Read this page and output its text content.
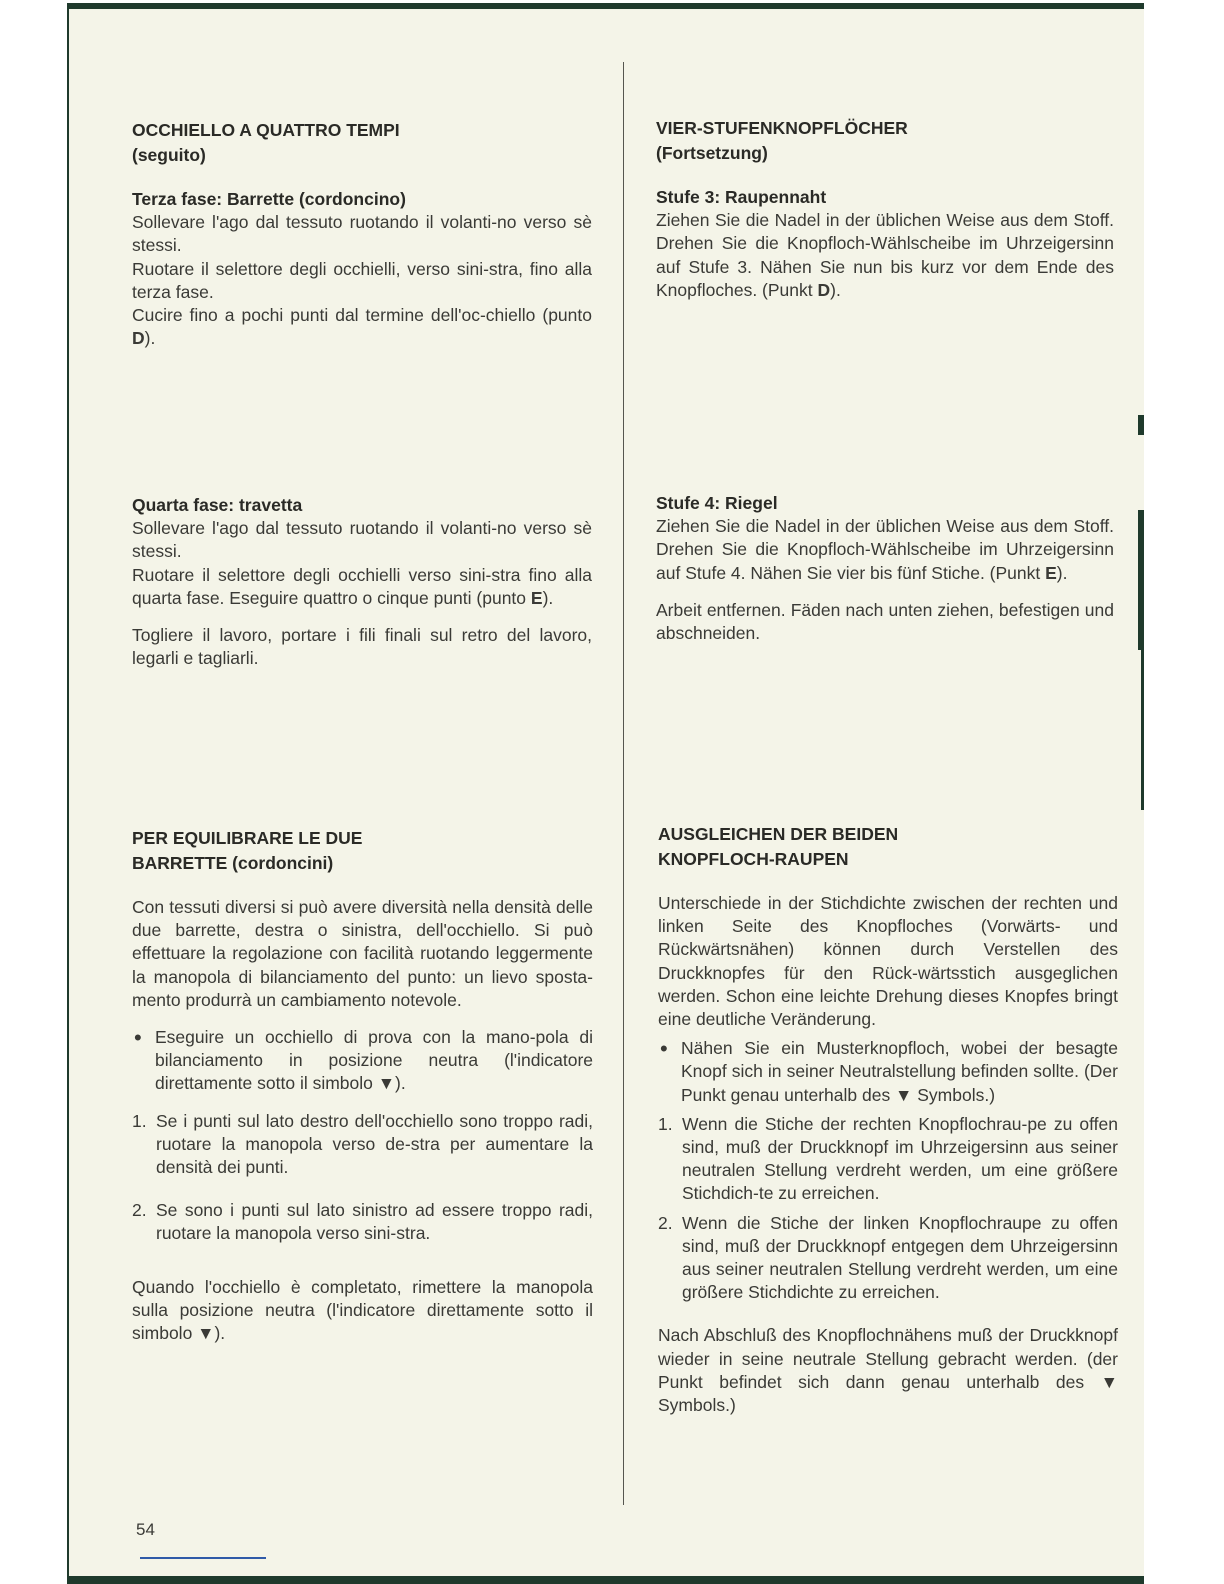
OCCHIELLO A QUATTRO TEMPI

(seguito)

Terza fase: Barrette (cordoncino)

Sollevare l'ago dal tessuto ruotando il volanti-no verso sè stessi.

Ruotare il selettore degli occhielli, verso sini-stra, fino alla terza fase.

Cucire fino a pochi punti dal termine dell'oc-chiello (punto D).

Quarta fase: travetta

Sollevare l'ago dal tessuto ruotando il volanti-no verso sè stessi.

Ruotare il selettore degli occhielli verso sini-stra fino alla quarta fase. Eseguire quattro o cinque punti (punto E).

Togliere il lavoro, portare i fili finali sul retro del lavoro, legarli e tagliarli.

PER EQUILIBRARE LE DUE

BARRETTE (cordoncini)

Con tessuti diversi si può avere diversità nella densità delle due barrette, destra o sinistra, dell'occhiello. Si può effettuare la regolazione con facilità ruotando leggermente la manopola di bilanciamento del punto: un lievo sposta-mento produrrà un cambiamento notevole.

• Eseguire un occhiello di prova con la mano-pola di bilanciamento in posizione neutra (l'indicatore direttamente sotto il simbolo ▼).
1. Se i punti sul lato destro dell'occhiello sono troppo radi, ruotare la manopola verso de-stra per aumentare la densità dei punti.
2. Se sono i punti sul lato sinistro ad essere troppo radi, ruotare la manopola verso sini-stra.

Quando l'occhiello è completato, rimettere la manopola sulla posizione neutra (l'indicatore direttamente sotto il simbolo ▼).

VIER-STUFENKNOPFLÖCHER

(Fortsetzung)

Stufe 3: Raupennaht

Ziehen Sie die Nadel in der üblichen Weise aus dem Stoff. Drehen Sie die Knopfloch-Wählscheibe im Uhrzeigersinn auf Stufe 3. Nähen Sie nun bis kurz vor dem Ende des Knopfloches. (Punkt D).

Stufe 4: Riegel

Ziehen Sie die Nadel in der üblichen Weise aus dem Stoff. Drehen Sie die Knopfloch-Wählscheibe im Uhrzeigersinn auf Stufe 4. Nähen Sie vier bis fünf Stiche. (Punkt E).

Arbeit entfernen. Fäden nach unten ziehen, befestigen und abschneiden.

AUSGLEICHEN DER BEIDEN

KNOPFLOCH-RAUPEN

Unterschiede in der Stichdichte zwischen der rechten und linken Seite des Knopfloches (Vorwärts- und Rückwärtsnähen) können durch Verstellen des Druckknopfes für den Rück-wärtsstich ausgeglichen werden. Schon eine leichte Drehung dieses Knopfes bringt eine deutliche Veränderung.

• Nähen Sie ein Musterknopfloch, wobei der besagte Knopf sich in seiner Neutralstellung befinden sollte. (Der Punkt genau unterhalb des ▼ Symbols.)
1. Wenn die Stiche der rechten Knopflochrau-pe zu offen sind, muß der Druckknopf im Uhrzeigersinn aus seiner neutralen Stellung verdreht werden, um eine größere Stichdich-te zu erreichen.
2. Wenn die Stiche der linken Knopflochraupe zu offen sind, muß der Druckknopf entgegen dem Uhrzeigersinn aus seiner neutralen Stellung verdreht werden, um eine größere Stichdichte zu erreichen.

Nach Abschluß des Knopflochnähens muß der Druckknopf wieder in seine neutrale Stellung gebracht werden. (der Punkt befindet sich dann genau unterhalb des ▼ Symbols.)

54
